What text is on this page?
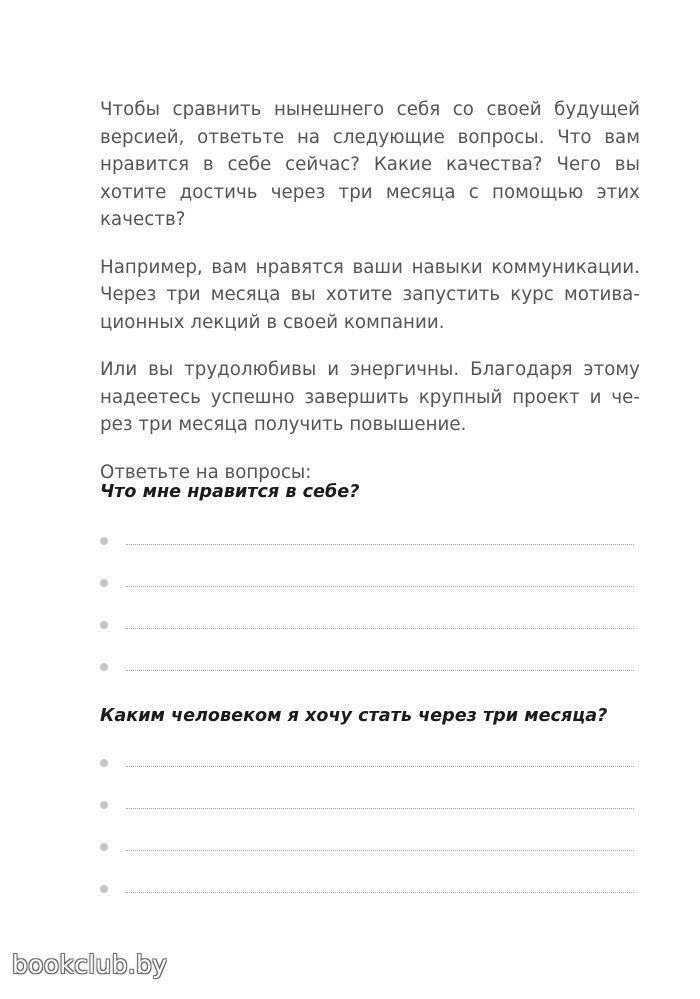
Чтобы сравнить нынешнего себя со своей будущей
версией, ответьте на следующие вопросы. Что вам
нравится в себе сейчас? Какие качества? Чего вы
хотите достичь через три месяца с помощью этих
качеств?

Например, вам нравятся ваши навыки коммуникации.
Через три месяца вы хотите запустить курс мотива-
ционных лекций в своей компании.

Или вы трудолюбивы и энергичны. Благодаря этому
надеетесь успешно завершить крупный проект и че-
рез три месяца получить повышение.

Ответьте на вопросы:

Что мне нравится в себе?
Каким человеком я хочу стать через три месяца?
bookclub.by
